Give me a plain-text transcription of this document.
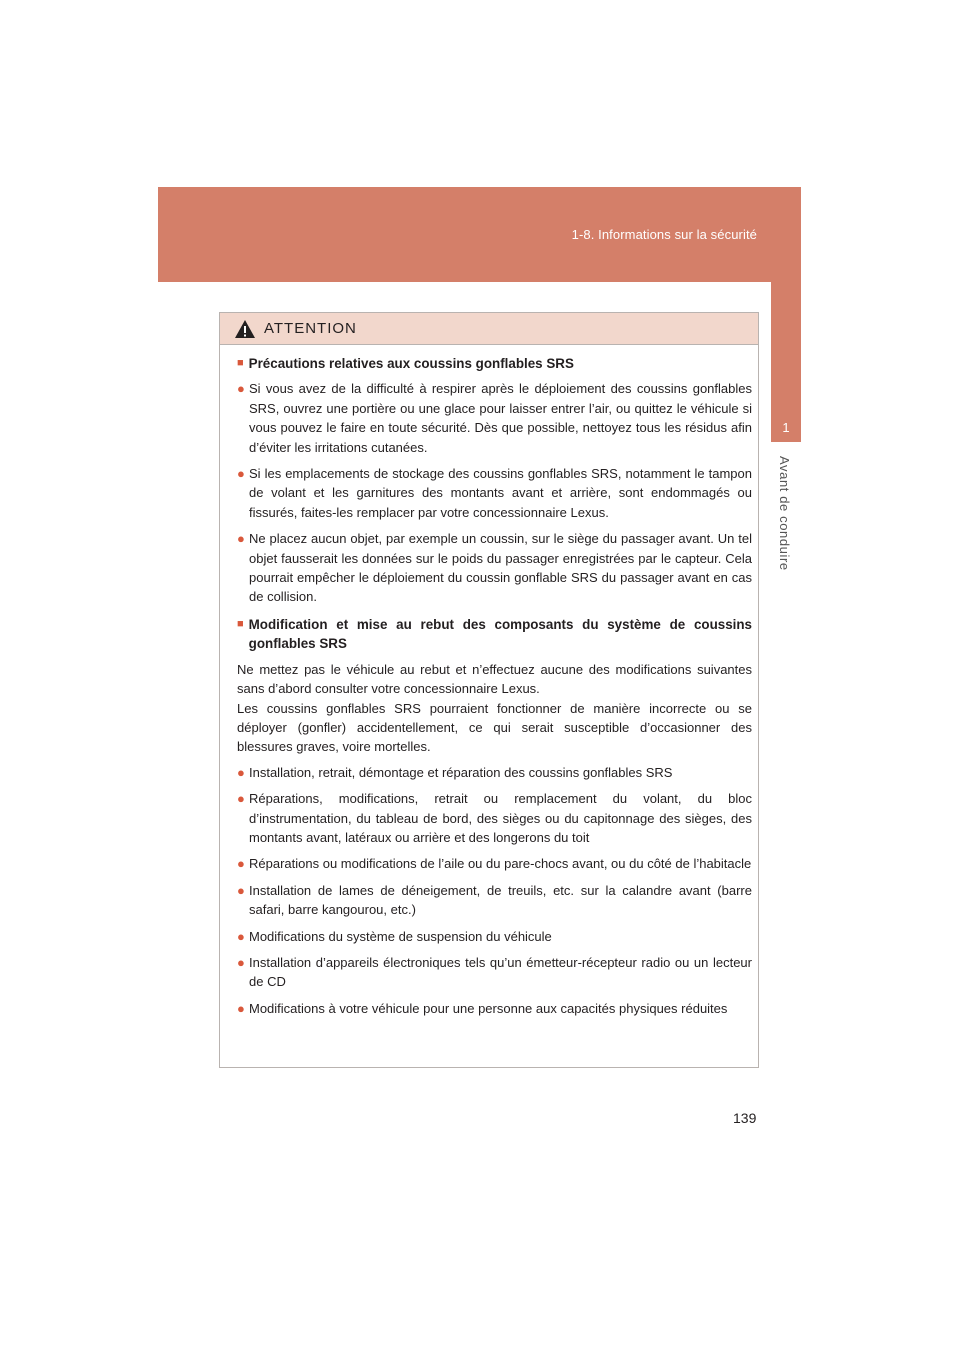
1-8. Informations sur la sécurité
1
Avant de conduire
ATTENTION
■ Précautions relatives aux coussins gonflables SRS
● Si vous avez de la difficulté à respirer après le déploiement des coussins gonflables SRS, ouvrez une portière ou une glace pour laisser entrer l’air, ou quittez le véhicule si vous pouvez le faire en toute sécurité. Dès que possible, nettoyez tous les résidus afin d’éviter les irritations cutanées.
● Si les emplacements de stockage des coussins gonflables SRS, notamment le tampon de volant et les garnitures des montants avant et arrière, sont endommagés ou fissurés, faites-les remplacer par votre concessionnaire Lexus.
● Ne placez aucun objet, par exemple un coussin, sur le siège du passager avant. Un tel objet fausserait les données sur le poids du passager enregistrées par le capteur. Cela pourrait empêcher le déploiement du coussin gonflable SRS du passager avant en cas de collision.
■ Modification et mise au rebut des composants du système de coussins gonflables SRS
Ne mettez pas le véhicule au rebut et n’effectuez aucune des modifications suivantes sans d’abord consulter votre concessionnaire Lexus.
Les coussins gonflables SRS pourraient fonctionner de manière incorrecte ou se déployer (gonfler) accidentellement, ce qui serait susceptible d’occasionner des blessures graves, voire mortelles.
● Installation, retrait, démontage et réparation des coussins gonflables SRS
● Réparations, modifications, retrait ou remplacement du volant, du bloc d’instrumentation, du tableau de bord, des sièges ou du capitonnage des sièges, des montants avant, latéraux ou arrière et des longerons du toit
● Réparations ou modifications de l’aile ou du pare-chocs avant, ou du côté de l’habitacle
● Installation de lames de déneigement, de treuils, etc. sur la calandre avant (barre safari, barre kangourou, etc.)
● Modifications du système de suspension du véhicule
● Installation d’appareils électroniques tels qu’un émetteur-récepteur radio ou un lecteur de CD
● Modifications à votre véhicule pour une personne aux capacités physiques réduites
139
